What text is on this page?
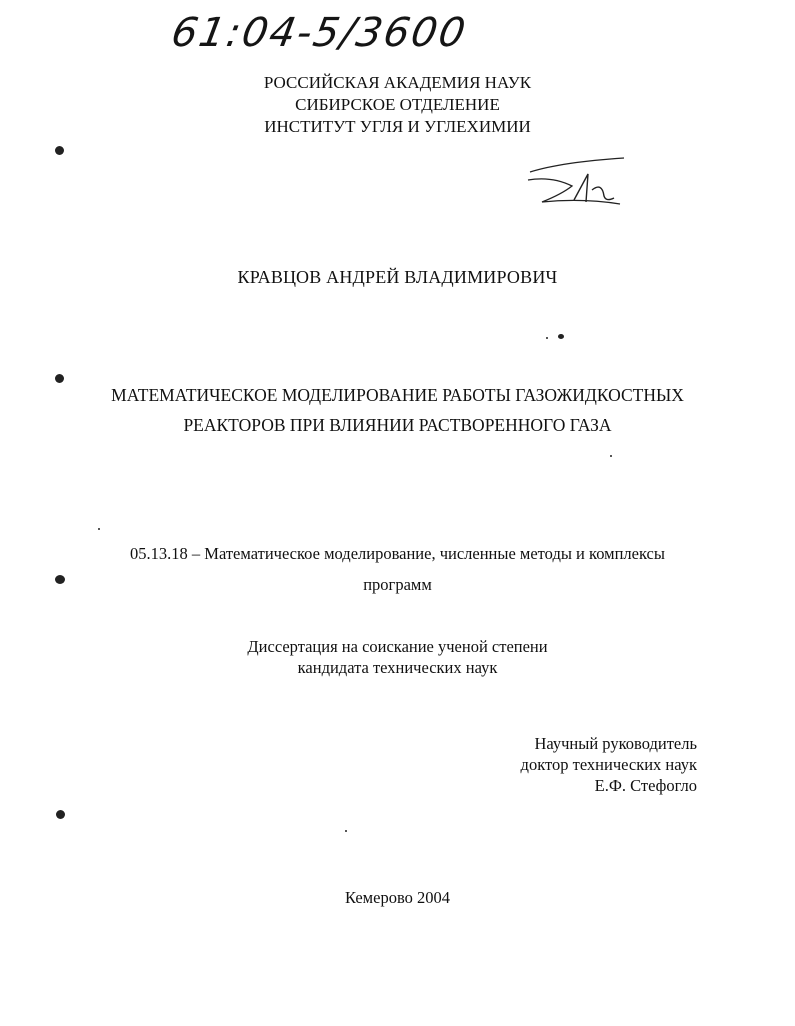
61:04-5/3600
РОССИЙСКАЯ АКАДЕМИЯ НАУК
СИБИРСКОЕ ОТДЕЛЕНИЕ
ИНСТИТУТ УГЛЯ И УГЛЕХИМИИ
КРАВЦОВ АНДРЕЙ ВЛАДИМИРОВИЧ
МАТЕМАТИЧЕСКОЕ МОДЕЛИРОВАНИЕ РАБОТЫ ГАЗОЖИДКОСТНЫХ
РЕАКТОРОВ ПРИ ВЛИЯНИИ РАСТВОРЕННОГО ГАЗА
05.13.18 – Математическое моделирование, численные методы и комплексы
программ
Диссертация на соискание ученой степени
кандидата технических наук
Научный руководитель
доктор технических наук
Е.Ф. Стефогло
Кемерово 2004
